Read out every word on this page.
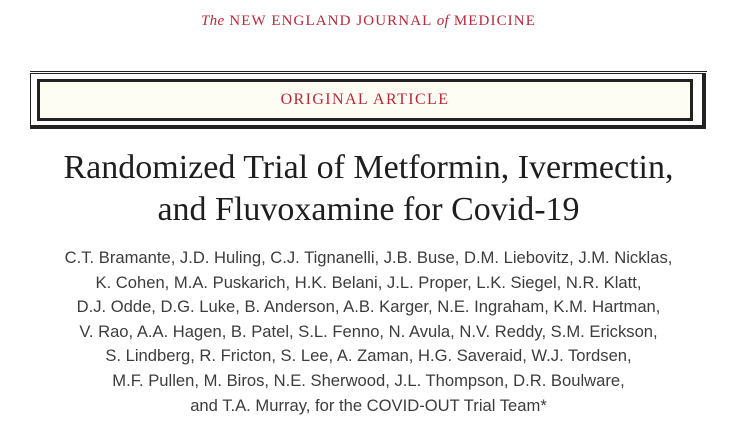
The NEW ENGLAND JOURNAL of MEDICINE
ORIGINAL ARTICLE
Randomized Trial of Metformin, Ivermectin,
and Fluvoxamine for Covid-19

C.T. Bramante, J.D. Huling, C.J. Tignanelli, J.B. Buse, D.M. Liebovitz, J.M. Nicklas,
K. Cohen, M.A. Puskarich, H.K. Belani, J.L. Proper, L.K. Siegel, N.R. Klatt,
D.J. Odde, D.G. Luke, B. Anderson, A.B. Karger, N.E. Ingraham, K.M. Hartman,
V. Rao, A.A. Hagen, B. Patel, S.L. Fenno, N. Avula, N.V. Reddy, S.M. Erickson,
S. Lindberg, R. Fricton, S. Lee, A. Zaman, H.G. Saveraid, W.J. Tordsen,
M.F. Pullen, M. Biros, N.E. Sherwood, J.L. Thompson, D.R. Boulware,
and T.A. Murray, for the COVID-OUT Trial Team*
